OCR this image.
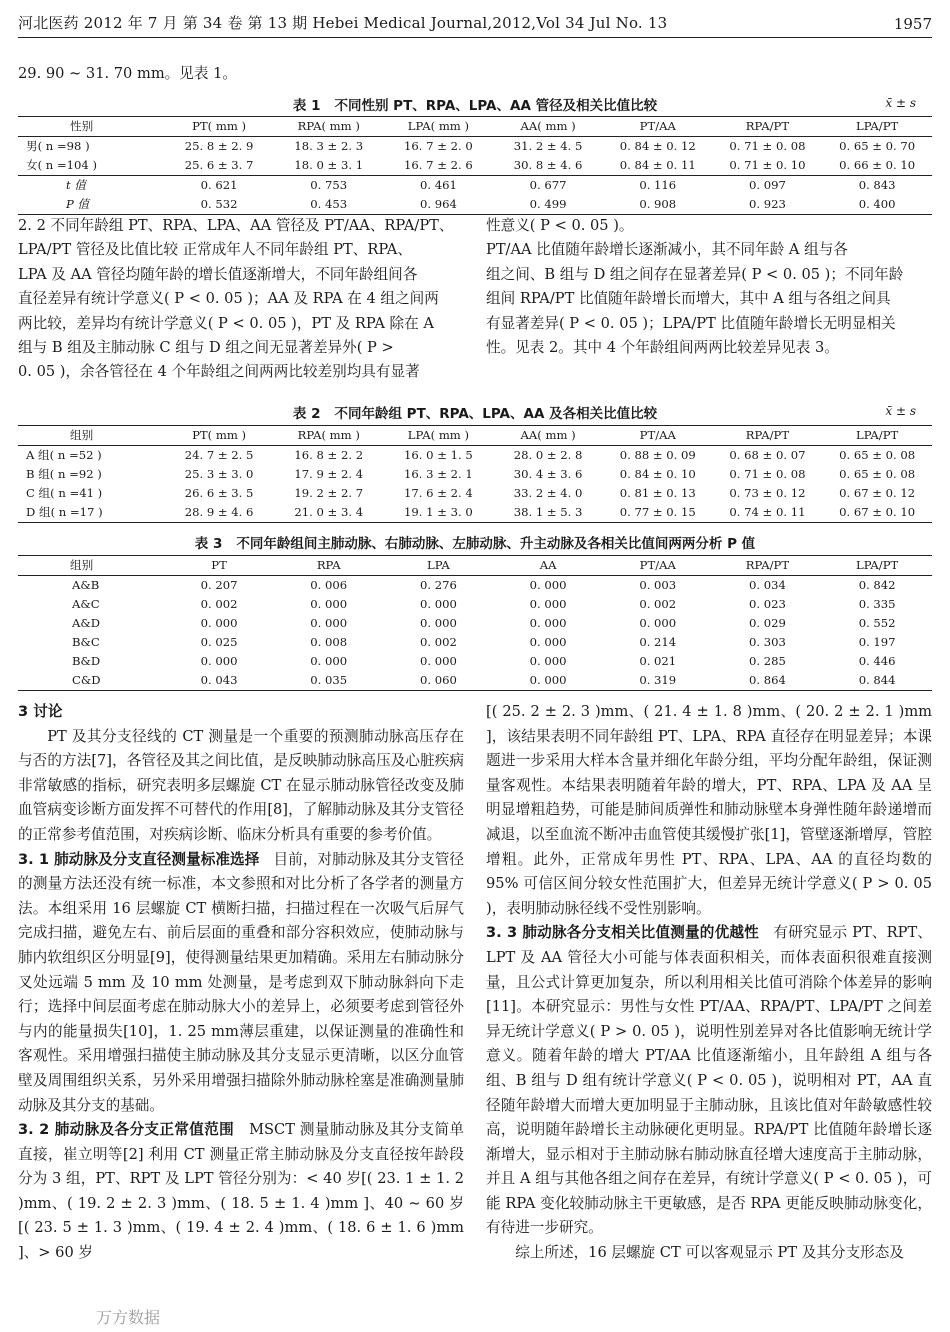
河北医药 2012 年 7 月 第 34 卷 第 13 期 Hebei Medical Journal,2012,Vol 34 Jul No. 13	1957
29. 90 ~ 31. 70 mm。见表 1。
表 1 不同性别 PT、RPA、LPA、AA 管径及相关比值比较	x̄ ± s
性别	PT( mm )	RPA( mm )	LPA( mm )	AA( mm )	PT/AA	RPA/PT	LPA/PT
男( n =98 )	25. 8 ± 2. 9	18. 3 ± 2. 3	16. 7 ± 2. 0	31. 2 ± 4. 5	0. 84 ± 0. 12	0. 71 ± 0. 08	0. 65 ± 0. 70
女( n =104 )	25. 6 ± 3. 7	18. 0 ± 3. 1	16. 7 ± 2. 6	30. 8 ± 4. 6	0. 84 ± 0. 11	0. 71 ± 0. 10	0. 66 ± 0. 10
t 值	0. 621	0. 753	0. 461	0. 677	0. 116	0. 097	0. 843
P 值	0. 532	0. 453	0. 964	0. 499	0. 908	0. 923	0. 400
2. 2 不同年龄组 PT、RPA、LPA、AA 管径及 PT/AA、RPA/PT、
LPA/PT 管径及比值比较 正常成年人不同年龄组 PT、RPA、
LPA 及 AA 管径均随年龄的增长值逐渐增大，不同年龄组间各
直径差异有统计学意义( P < 0. 05 )；AA 及 RPA 在 4 组之间两
两比较，差异均有统计学意义( P < 0. 05 )，PT 及 RPA 除在 A
组与 B 组及主肺动脉 C 组与 D 组之间无显著差异外( P >
0. 05 )，余各管径在 4 个年龄组之间两两比较差别均具有显著
性意义( P < 0. 05 )。
PT/AA 比值随年龄增长逐渐减小，其不同年龄 A 组与各
组之间、B 组与 D 组之间存在显著差异( P < 0. 05 )；不同年龄
组间 RPA/PT 比值随年龄增长而增大，其中 A 组与各组之间具
有显著差异( P < 0. 05 )；LPA/PT 比值随年龄增长无明显相关
性。见表 2。其中 4 个年龄组间两两比较差异见表 3。
表 2 不同年龄组 PT、RPA、LPA、AA 及各相关比值比较	x̄ ± s
组别	PT( mm )	RPA( mm )	LPA( mm )	AA( mm )	PT/AA	RPA/PT	LPA/PT
A 组( n =52 )	24. 7 ± 2. 5	16. 8 ± 2. 2	16. 0 ± 1. 5	28. 0 ± 2. 8	0. 88 ± 0. 09	0. 68 ± 0. 07	0. 65 ± 0. 08
B 组( n =92 )	25. 3 ± 3. 0	17. 9 ± 2. 4	16. 3 ± 2. 1	30. 4 ± 3. 6	0. 84 ± 0. 10	0. 71 ± 0. 08	0. 65 ± 0. 08
C 组( n =41 )	26. 6 ± 3. 5	19. 2 ± 2. 7	17. 6 ± 2. 4	33. 2 ± 4. 0	0. 81 ± 0. 13	0. 73 ± 0. 12	0. 67 ± 0. 12
D 组( n =17 )	28. 9 ± 4. 6	21. 0 ± 3. 4	19. 1 ± 3. 0	38. 1 ± 5. 3	0. 77 ± 0. 15	0. 74 ± 0. 11	0. 67 ± 0. 10
表 3 不同年龄组间主肺动脉、右肺动脉、左肺动脉、升主动脉及各相关比值间两两分析 P 值
组别	PT	RPA	LPA	AA	PT/AA	RPA/PT	LPA/PT
A&B	0. 207	0. 006	0. 276	0. 000	0. 003	0. 034	0. 842
A&C	0. 002	0. 000	0. 000	0. 000	0. 002	0. 023	0. 335
A&D	0. 000	0. 000	0. 000	0. 000	0. 000	0. 029	0. 552
B&C	0. 025	0. 008	0. 002	0. 000	0. 214	0. 303	0. 197
B&D	0. 000	0. 000	0. 000	0. 000	0. 021	0. 285	0. 446
C&D	0. 043	0. 035	0. 060	0. 000	0. 319	0. 864	0. 844

3 讨论

PT 及其分支径线的 CT 测量是一个重要的预测肺动脉高压存在与否的方法[7]，各管径及其之间比值，是反映肺动脉高压及心脏疾病非常敏感的指标，研究表明多层螺旋 CT 在显示肺动脉管径改变及肺血管病变诊断方面发挥不可替代的作用[8]，了解肺动脉及其分支管径的正常参考值范围，对疾病诊断、临床分析具有重要的参考价值。

3. 1 肺动脉及分支直径测量标准选择 目前，对肺动脉及其分支管径的测量方法还没有统一标准，本文参照和对比分析了各学者的测量方法。本组采用 16 层螺旋 CT 横断扫描，扫描过程在一次吸气后屏气完成扫描，避免左右、前后层面的重叠和部分容积效应，使肺动脉与肺内软组织区分明显[9]，使得测量结果更加精确。采用左右肺动脉分叉处远端 5 mm 及 10 mm 处测量，是考虑到双下肺动脉斜向下走行；选择中间层面考虑在肺动脉大小的差异上，必须要考虑到管径外与内的能量损失[10]，1. 25 mm薄层重建，以保证测量的准确性和客观性。采用增强扫描使主肺动脉及其分支显示更清晰，以区分血管壁及周围组织关系，另外采用增强扫描除外肺动脉栓塞是准确测量肺动脉及其分支的基础。

3. 2 肺动脉及各分支正常值范围 MSCT 测量肺动脉及其分支简单直接，崔立明等[2] 利用 CT 测量正常主肺动脉及分支直径按年龄段分为 3 组，PT、RPT 及 LPT 管径分别为：< 40 岁[( 23. 1 ± 1. 2 )mm、( 19. 2 ± 2. 3 )mm、( 18. 5 ± 1. 4 )mm ]、40 ~ 60 岁[( 23. 5 ± 1. 3 )mm、( 19. 4 ± 2. 4 )mm、( 18. 6 ± 1. 6 )mm ]、> 60 岁

[( 25. 2 ± 2. 3 )mm、( 21. 4 ± 1. 8 )mm、( 20. 2 ± 2. 1 )mm ]，该结果表明不同年龄组 PT、LPA、RPA 直径存在明显差异；本课题进一步采用大样本含量并细化年龄分组，平均分配年龄组，保证测量客观性。本结果表明随着年龄的增大，PT、RPA、LPA 及 AA 呈明显增粗趋势，可能是肺间质弹性和肺动脉壁本身弹性随年龄递增而减退，以至血流不断冲击血管使其缓慢扩张[1]，管壁逐渐增厚，管腔增粗。此外，正常成年男性 PT、RPA、LPA、AA 的直径均数的 95% 可信区间分较女性范围扩大，但差异无统计学意义( P > 0. 05 )，表明肺动脉径线不受性别影响。

3. 3 肺动脉各分支相关比值测量的优越性 有研究显示 PT、RPT、LPT 及 AA 管径大小可能与体表面积相关，而体表面积很难直接测量，且公式计算更加复杂，所以利用相关比值可消除个体差异的影响[11]。本研究显示：男性与女性 PT/AA、RPA/PT、LPA/PT 之间差异无统计学意义( P > 0. 05 )，说明性别差异对各比值影响无统计学意义。随着年龄的增大 PT/AA 比值逐渐缩小，且年龄组 A 组与各组、B 组与 D 组有统计学意义( P < 0. 05 )，说明相对 PT，AA 直径随年龄增大而增大更加明显于主肺动脉，且该比值对年龄敏感性较高，说明随年龄增长主动脉硬化更明显。RPA/PT 比值随年龄增长逐渐增大，显示相对于主肺动脉右肺动脉直径增大速度高于主肺动脉，并且 A 组与其他各组之间存在差异，有统计学意义( P < 0. 05 )，可能 RPA 变化较肺动脉主干更敏感，是否 RPA 更能反映肺动脉变化，有待进一步研究。

综上所述，16 层螺旋 CT 可以客观显示 PT 及其分支形态及

万方数据
